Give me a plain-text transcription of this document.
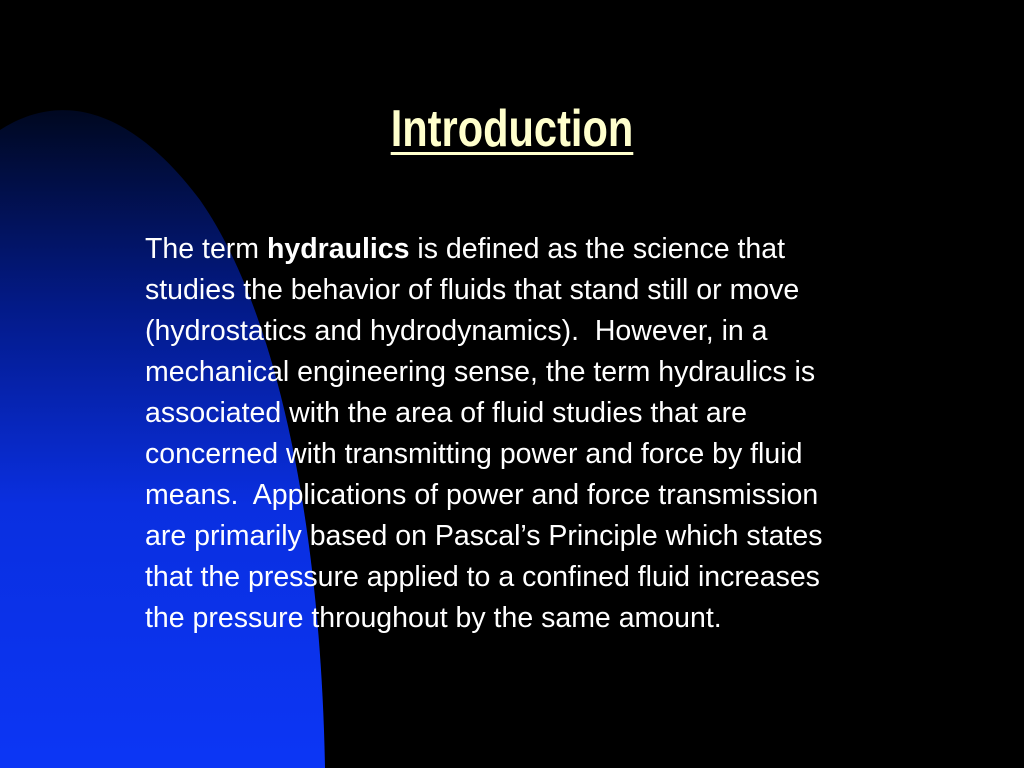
Introduction

The term hydraulics is defined as the science that
studies the behavior of fluids that stand still or move
(hydrostatics and hydrodynamics).  However, in a
mechanical engineering sense, the term hydraulics is
associated with the area of fluid studies that are
concerned with transmitting power and force by fluid
means.  Applications of power and force transmission
are primarily based on Pascal’s Principle which states
that the pressure applied to a confined fluid increases
the pressure throughout by the same amount.
